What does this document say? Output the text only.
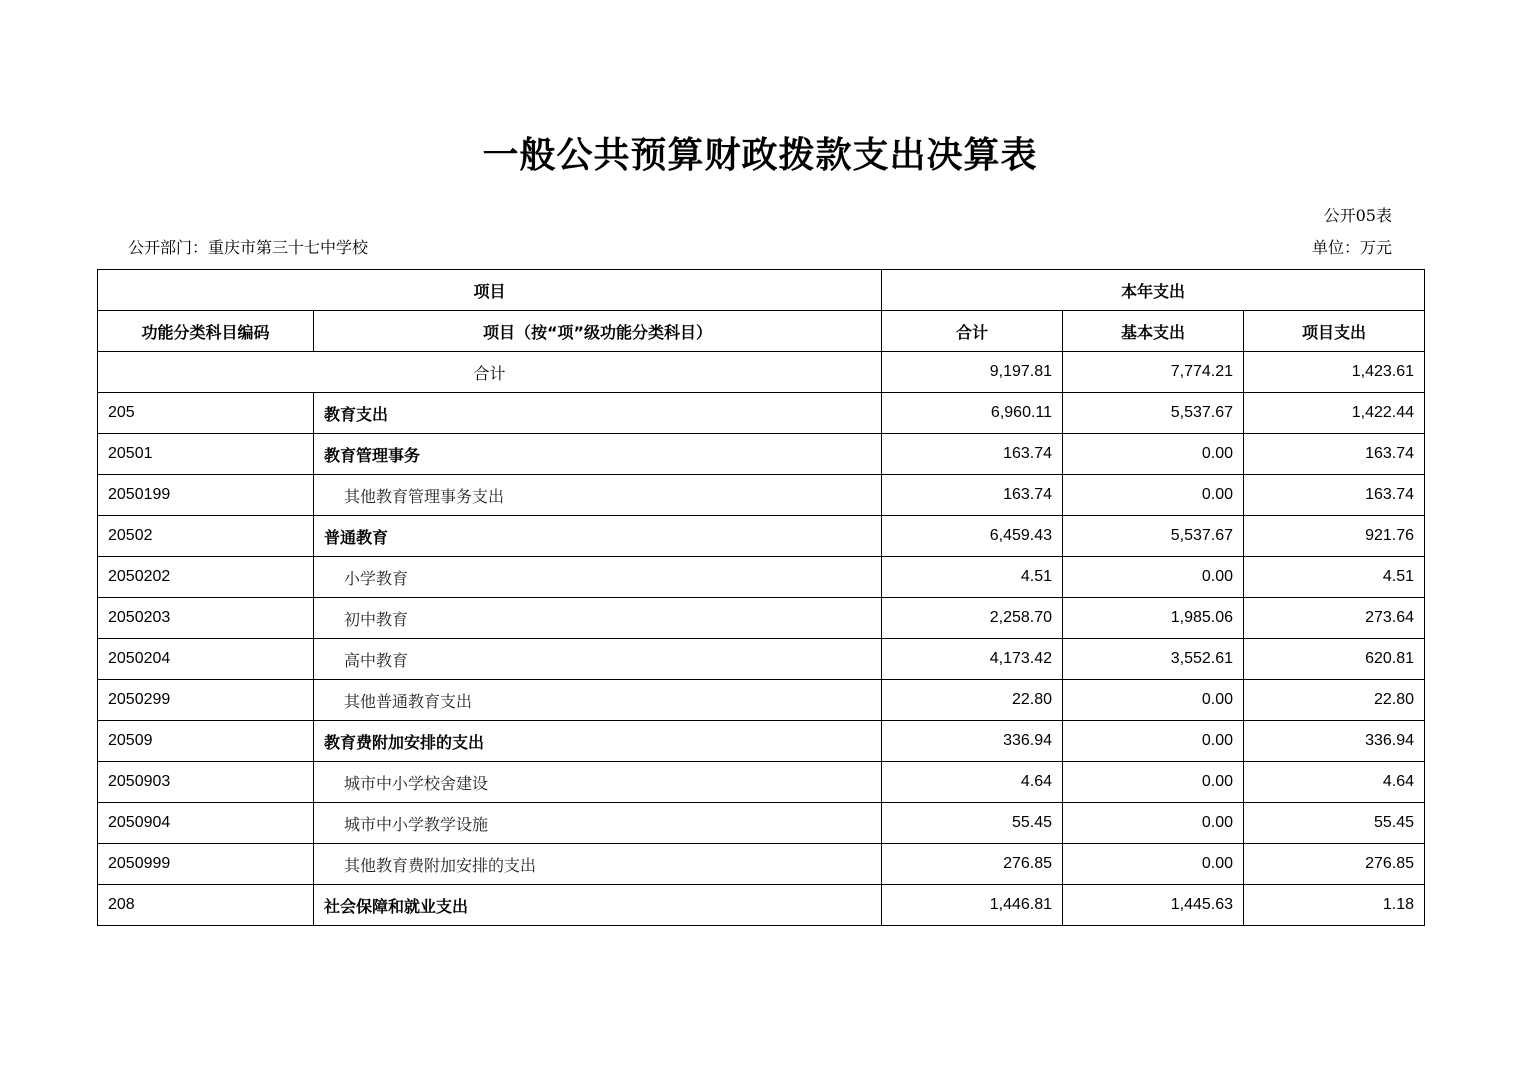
一般公共预算财政拨款支出决算表
公开05表
公开部门：重庆市第三十七中学校	单位：万元
项目		本年支出		
功能分类科目编码	项目（按“项”级功能分类科目）	合计	基本支出	项目支出
合计		9,197.81	7,774.21	1,423.61
205	教育支出	6,960.11	5,537.67	1,422.44
20501	教育管理事务	163.74	0.00	163.74
2050199	其他教育管理事务支出	163.74	0.00	163.74
20502	普通教育	6,459.43	5,537.67	921.76
2050202	小学教育	4.51	0.00	4.51
2050203	初中教育	2,258.70	1,985.06	273.64
2050204	高中教育	4,173.42	3,552.61	620.81
2050299	其他普通教育支出	22.80	0.00	22.80
20509	教育费附加安排的支出	336.94	0.00	336.94
2050903	城市中小学校舍建设	4.64	0.00	4.64
2050904	城市中小学教学设施	55.45	0.00	55.45
2050999	其他教育费附加安排的支出	276.85	0.00	276.85
208	社会保障和就业支出	1,446.81	1,445.63	1.18
